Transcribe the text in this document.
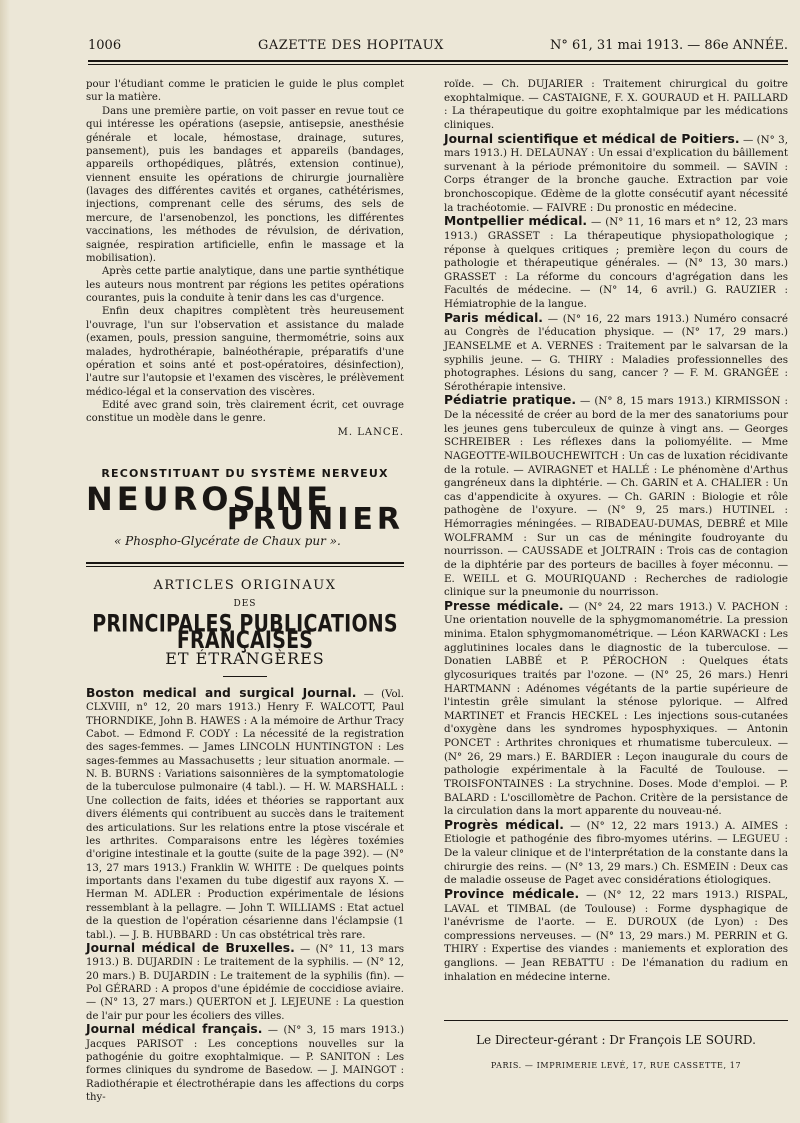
1006	GAZETTE DES HOPITAUX	N° 61, 31 mai 1913. — 86e ANNÉE.

pour l'étudiant comme le praticien le guide le plus complet sur la matière.

Dans une première partie, on voit passer en revue tout ce qui intéresse les opérations (asepsie, antisepsie, anesthésie générale et locale, hémostase, drainage, sutures, pansement), puis les bandages et appareils (bandages, appareils orthopédiques, plâtrés, extension continue), viennent ensuite les opérations de chirurgie journalière (lavages des différentes cavités et organes, cathétérismes, injections, comprenant celle des sérums, des sels de mercure, de l'arsenobenzol, les ponctions, les différentes vaccinations, les méthodes de révulsion, de dérivation, saignée, respiration artificielle, enfin le massage et la mobilisation).

Après cette partie analytique, dans une partie synthétique les auteurs nous montrent par régions les petites opérations courantes, puis la conduite à tenir dans les cas d'urgence.

Enfin deux chapitres complètent très heureusement l'ouvrage, l'un sur l'observation et assistance du malade (examen, pouls, pression sanguine, thermométrie, soins aux malades, hydrothérapie, balnéothérapie, préparatifs d'une opération et soins anté et post-opératoires, désinfection), l'autre sur l'autopsie et l'examen des viscères, le prélèvement médico-légal et la conservation des viscères.

Edité avec grand soin, très clairement écrit, cet ouvrage constitue un modèle dans le genre.

M. LANCE.

RECONSTITUANT DU SYSTÈME NERVEUX
NEUROSINE
PRUNIER
« Phospho-Glycérate de Chaux pur ».
ARTICLES ORIGINAUX
DES
PRINCIPALES PUBLICATIONS FRANÇAISES
ET ÉTRANGÈRES

Boston medical and surgical Journal. — (Vol. CLXVIII, n° 12, 20 mars 1913.) Henry F. WALCOTT, Paul THORNDIKE, John B. HAWES : A la mémoire de Arthur Tracy Cabot. — Edmond F. CODY : La nécessité de la registration des sages-femmes. — James LINCOLN HUNTINGTON : Les sages-femmes au Massachusetts ; leur situation anormale. — N. B. BURNS : Variations saisonnières de la symptomatologie de la tuberculose pulmonaire (4 tabl.). — H. W. MARSHALL : Une collection de faits, idées et théories se rapportant aux divers éléments qui contribuent au succès dans le traitement des articulations. Sur les relations entre la ptose viscérale et les arthrites. Comparaisons entre les légères toxémies d'origine intestinale et la goutte (suite de la page 392). — (N° 13, 27 mars 1913.) Franklin W. WHITE : De quelques points importants dans l'examen du tube digestif aux rayons X. — Herman M. ADLER : Production expérimentale de lésions ressemblant à la pellagre. — John T. WILLIAMS : Etat actuel de la question de l'opération césarienne dans l'éclampsie (1 tabl.). — J. B. HUBBARD : Un cas obstétrical très rare.

Journal médical de Bruxelles. — (N° 11, 13 mars 1913.) B. DUJARDIN : Le traitement de la syphilis. — (N° 12, 20 mars.) B. DUJARDIN : Le traitement de la syphilis (fin). — Pol GÉRARD : A propos d'une épidémie de coccidiose aviaire. — (N° 13, 27 mars.) QUERTON et J. LEJEUNE : La question de l'air pur pour les écoliers des villes.

Journal médical français. — (N° 3, 15 mars 1913.) Jacques PARISOT : Les conceptions nouvelles sur la pathogénie du goitre exophtalmique. — P. SANITON : Les formes cliniques du syndrome de Basedow. — J. MAINGOT : Radiothérapie et électrothérapie dans les affections du corps thy-

roïde. — Ch. DUJARIER : Traitement chirurgical du goitre exophtalmique. — CASTAIGNE, F. X. GOURAUD et H. PAILLARD : La thérapeutique du goitre exophtalmique par les médications cliniques.

Journal scientifique et médical de Poitiers. — (N° 3, mars 1913.) H. DELAUNAY : Un essai d'explication du bâillement survenant à la période prémonitoire du sommeil. — SAVIN : Corps étranger de la bronche gauche. Extraction par voie bronchoscopique. Œdème de la glotte consécutif ayant nécessité la trachéotomie. — FAIVRE : Du pronostic en médecine.

Montpellier médical. — (N° 11, 16 mars et n° 12, 23 mars 1913.) GRASSET : La thérapeutique physiopathologique ; réponse à quelques critiques ; première leçon du cours de pathologie et thérapeutique générales. — (N° 13, 30 mars.) GRASSET : La réforme du concours d'agrégation dans les Facultés de médecine. — (N° 14, 6 avril.) G. RAUZIER : Hémiatrophie de la langue.

Paris médical. — (N° 16, 22 mars 1913.) Numéro consacré au Congrès de l'éducation physique. — (N° 17, 29 mars.) JEANSELME et A. VERNES : Traitement par le salvarsan de la syphilis jeune. — G. THIRY : Maladies professionnelles des photographes. Lésions du sang, cancer ? — F. M. GRANGÉE : Sérothérapie intensive.

Pédiatrie pratique. — (N° 8, 15 mars 1913.) KIRMISSON : De la nécessité de créer au bord de la mer des sanatoriums pour les jeunes gens tuberculeux de quinze à vingt ans. — Georges SCHREIBER : Les réflexes dans la poliomyélite. — Mme NAGEOTTE-WILBOUCHEWITCH : Un cas de luxation récidivante de la rotule. — AVIRAGNET et HALLÉ : Le phénomène d'Arthus gangréneux dans la diphtérie. — Ch. GARIN et A. CHALIER : Un cas d'appendicite à oxyures. — Ch. GARIN : Biologie et rôle pathogène de l'oxyure. — (N° 9, 25 mars.) HUTINEL : Hémorragies méningées. — RIBADEAU-DUMAS, DEBRÉ et Mlle WOLFRAMM : Sur un cas de méningite foudroyante du nourrisson. — CAUSSADE et JOLTRAIN : Trois cas de contagion de la diphtérie par des porteurs de bacilles à foyer méconnu. — E. WEILL et G. MOURIQUAND : Recherches de radiologie clinique sur la pneumonie du nourrisson.

Presse médicale. — (N° 24, 22 mars 1913.) V. PACHON : Une orientation nouvelle de la sphygmomanométrie. La pression minima. Etalon sphygmomanométrique. — Léon KARWACKI : Les agglutinines locales dans le diagnostic de la tuberculose. — Donatien LABBÉ et P. PÉROCHON : Quelques états glycosuriques traités par l'ozone. — (N° 25, 26 mars.) Henri HARTMANN : Adénomes végétants de la partie supérieure de l'intestin grêle simulant la sténose pylorique. — Alfred MARTINET et Francis HECKEL : Les injections sous-cutanées d'oxygène dans les syndromes hyposphyxiques. — Antonin PONCET : Arthrites chroniques et rhumatisme tuberculeux. — (N° 26, 29 mars.) E. BARDIER : Leçon inaugurale du cours de pathologie expérimentale à la Faculté de Toulouse. — TROISFONTAINES : La strychnine. Doses. Mode d'emploi. — P. BALARD : L'oscillomètre de Pachon. Critère de la persistance de la circulation dans la mort apparente du nouveau-né.

Progrès médical. — (N° 12, 22 mars 1913.) A. AIMES : Etiologie et pathogénie des fibro-myomes utérins. — LEGUEU : De la valeur clinique et de l'interprétation de la constante dans la chirurgie des reins. — (N° 13, 29 mars.) Ch. ESMEIN : Deux cas de maladie osseuse de Paget avec considérations étiologiques.

Province médicale. — (N° 12, 22 mars 1913.) RISPAL, LAVAL et TIMBAL (de Toulouse) : Forme dysphagique de l'anévrisme de l'aorte. — E. DUROUX (de Lyon) : Des compressions nerveuses. — (N° 13, 29 mars.) M. PERRIN et G. THIRY : Expertise des viandes : maniements et exploration des ganglions. — Jean REBATTU : De l'émanation du radium en inhalation en médecine interne.

Le Directeur-gérant : Dr François LE SOURD.
PARIS. — IMPRIMERIE LEVÉ, 17, RUE CASSETTE, 17
